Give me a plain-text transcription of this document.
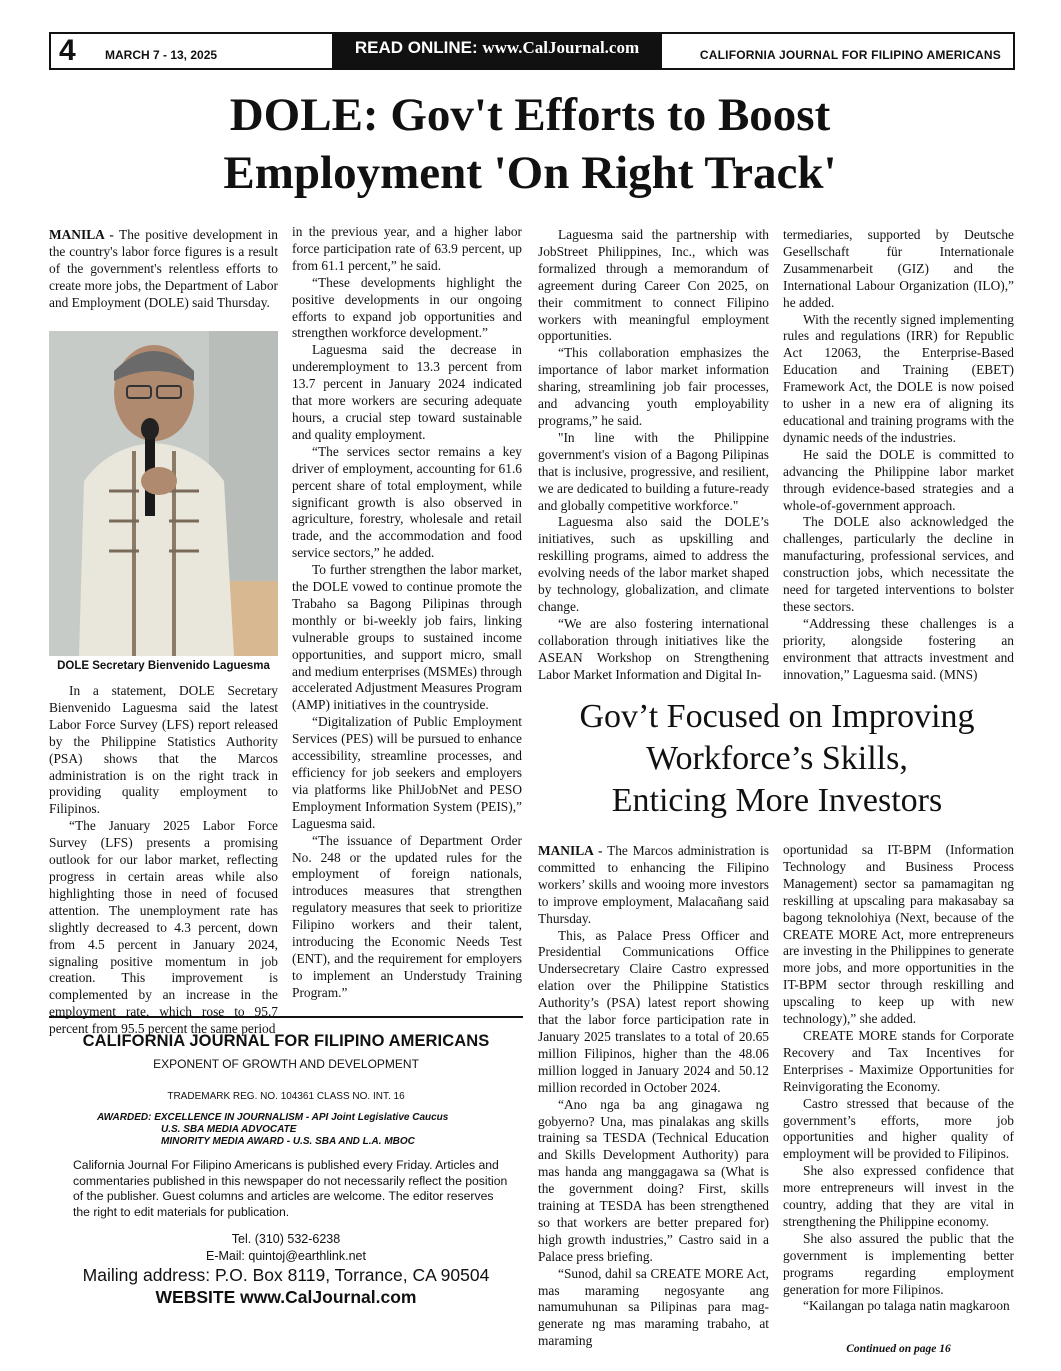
4 MARCH 7 - 13, 2025	READ ONLINE: www.CalJournal.com	CALIFORNIA JOURNAL FOR FILIPINO AMERICANS
DOLE: Gov't Efforts to Boost
Employment 'On Right Track'

MANILA - The positive development in the country's labor force figures is a result of the government's relentless efforts to create more jobs, the Department of Labor and Employment (DOLE) said Thursday.

DOLE Secretary Bienvenido Laguesma

In a statement, DOLE Secretary Bienvenido Laguesma said the latest Labor Force Survey (LFS) report released by the Philippine Statistics Authority (PSA) shows that the Marcos administration is on the right track in providing quality employment to Filipinos.

“The January 2025 Labor Force Survey (LFS) presents a promising outlook for our labor market, reflecting progress in certain areas while also highlighting those in need of focused attention. The unemployment rate has slightly decreased to 4.3 percent, down from 4.5 percent in January 2024, signaling positive momentum in job creation. This improvement is complemented by an increase in the employment rate, which rose to 95.7 percent from 95.5 percent the same period

in the previous year, and a higher labor force participation rate of 63.9 percent, up from 61.1 percent,” he said.

“These developments highlight the positive developments in our ongoing efforts to expand job opportunities and strengthen workforce development.”

Laguesma said the decrease in underemployment to 13.3 percent from 13.7 percent in January 2024 indicated that more workers are securing adequate hours, a crucial step toward sustainable and quality employment.

“The services sector remains a key driver of employment, accounting for 61.6 percent share of total employment, while significant growth is also observed in agriculture, forestry, wholesale and retail trade, and the accommodation and food service sectors,” he added.

To further strengthen the labor market, the DOLE vowed to continue promote the Trabaho sa Bagong Pilipinas through monthly or bi-weekly job fairs, linking vulnerable groups to sustained income opportunities, and support micro, small and medium enterprises (MSMEs) through accelerated Adjustment Measures Program (AMP) initiatives in the countryside.

“Digitalization of Public Employment Services (PES) will be pursued to enhance accessibility, streamline processes, and efficiency for job seekers and employers via platforms like PhilJobNet and PESO Employment Information System (PEIS),” Laguesma said.

“The issuance of Department Order No. 248 or the updated rules for the employment of foreign nationals, introduces measures that strengthen regulatory measures that seek to prioritize Filipino workers and their talent, introducing the Economic Needs Test (ENT), and the requirement for employers to implement an Understudy Training Program.”

Laguesma said the partnership with JobStreet Philippines, Inc., which was formalized through a memorandum of agreement during Career Con 2025, on their commitment to connect Filipino workers with meaningful employment opportunities.

“This collaboration emphasizes the importance of labor market information sharing, streamlining job fair processes, and advancing youth employability programs,” he said.

"In line with the Philippine government's vision of a Bagong Pilipinas that is inclusive, progressive, and resilient, we are dedicated to building a future-ready and globally competitive workforce."

Laguesma also said the DOLE’s initiatives, such as upskilling and reskilling programs, aimed to address the evolving needs of the labor market shaped by technology, globalization, and climate change.

“We are also fostering international collaboration through initiatives like the ASEAN Workshop on Strengthening Labor Market Information and Digital In-

termediaries, supported by Deutsche Gesellschaft für Internationale Zusammenarbeit (GIZ) and the International Labour Organization (ILO),” he added.

With the recently signed implementing rules and regulations (IRR) for Republic Act 12063, the Enterprise-Based Education and Training (EBET) Framework Act, the DOLE is now poised to usher in a new era of aligning its educational and training programs with the dynamic needs of the industries.

He said the DOLE is committed to advancing the Philippine labor market through evidence-based strategies and a whole-of-government approach.

The DOLE also acknowledged the challenges, particularly the decline in manufacturing, professional services, and construction jobs, which necessitate the need for targeted interventions to bolster these sectors.

“Addressing these challenges is a priority, alongside fostering an environment that attracts investment and innovation,” Laguesma said. (MNS)

Gov’t Focused on Improving
Workforce’s Skills,
Enticing More Investors

MANILA - The Marcos administration is committed to enhancing the Filipino workers’ skills and wooing more investors to improve employment, Malacañang said Thursday.

This, as Palace Press Officer and Presidential Communications Office Undersecretary Claire Castro expressed elation over the Philippine Statistics Authority’s (PSA) latest report showing that the labor force participation rate in January 2025 translates to a total of 20.65 million Filipinos, higher than the 48.06 million logged in January 2024 and 50.12 million recorded in October 2024.

“Ano nga ba ang ginagawa ng gobyerno? Una, mas pinalakas ang skills training sa TESDA (Technical Education and Skills Development Authority) para mas handa ang manggagawa sa (What is the government doing? First, skills training at TESDA has been strengthened so that workers are better prepared for) high growth industries,” Castro said in a Palace press briefing.

“Sunod, dahil sa CREATE MORE Act, mas maraming negosyante ang namumuhunan sa Pilipinas para mag-generate ng mas maraming trabaho, at maraming

oportunidad sa IT-BPM (Information Technology and Business Process Management) sector sa pamamagitan ng reskilling at upscaling para makasabay sa bagong teknolohiya (Next, because of the CREATE MORE Act, more entrepreneurs are investing in the Philippines to generate more jobs, and more opportunities in the IT-BPM sector through reskilling and upscaling to keep up with new technology),” she added.

CREATE MORE stands for Corporate Recovery and Tax Incentives for Enterprises - Maximize Opportunities for Reinvigorating the Economy.

Castro stressed that because of the government’s efforts, more job opportunities and higher quality of employment will be provided to Filipinos.

She also expressed confidence that more entrepreneurs will invest in the country, adding that they are vital in strengthening the Philippine economy.

She also assured the public that the government is implementing better programs regarding employment generation for more Filipinos.

“Kailangan po talaga natin magkaroon

Continued on page 16
CALIFORNIA JOURNAL FOR FILIPINO AMERICANS
EXPONENT OF GROWTH AND DEVELOPMENT
TRADEMARK REG. NO. 104361 CLASS NO. INT. 16
AWARDED: EXCELLENCE IN JOURNALISM - API Joint Legislative Caucus
U.S. SBA MEDIA ADVOCATE
MINORITY MEDIA AWARD - U.S. SBA AND L.A. MBOC
California Journal For Filipino Americans is published every Friday. Articles and commentaries published in this newspaper do not necessarily reflect the position of the publisher. Guest columns and articles are welcome. The editor reserves the right to edit materials for publication.
Tel. (310) 532-6238
E-Mail: quintoj@earthlink.net
Mailing address: P.O. Box 8119, Torrance, CA 90504
WEBSITE www.CalJournal.com
